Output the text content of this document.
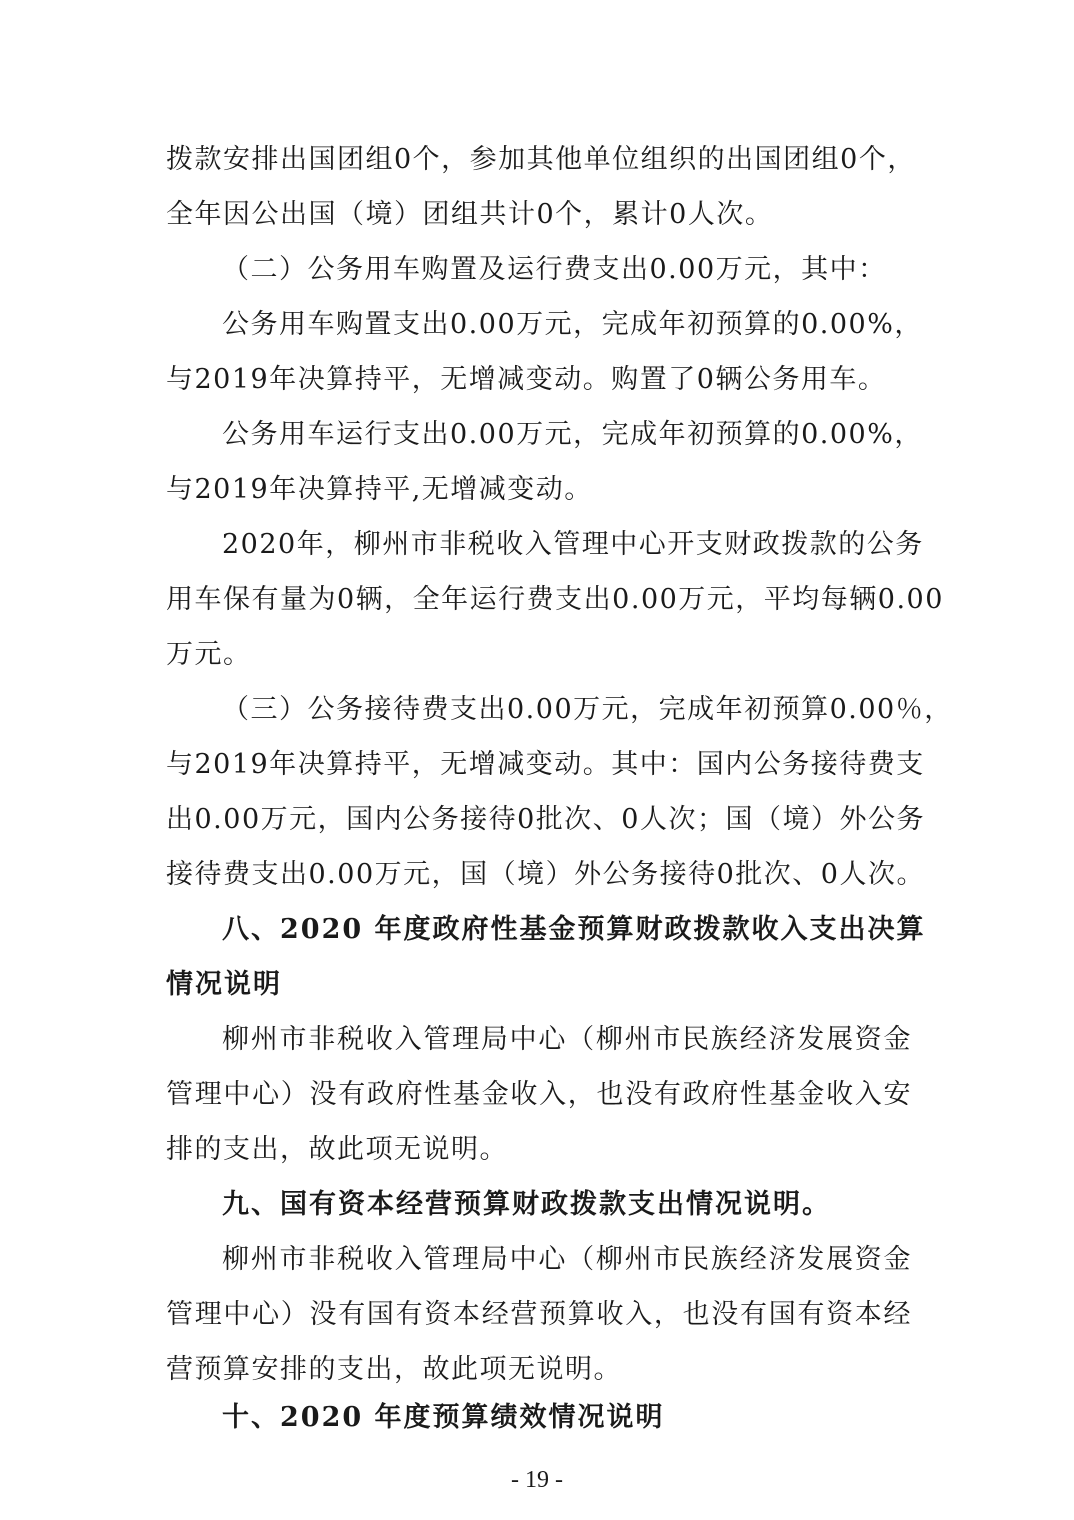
拨款安排出国团组0个，参加其他单位组织的出国团组0个，
全年因公出国（境）团组共计0个，累计0人次。
（二）公务用车购置及运行费支出0.00万元，其中：
公务用车购置支出0.00万元，完成年初预算的0.00%，
与2019年决算持平，无增减变动。购置了0辆公务用车。
公务用车运行支出0.00万元，完成年初预算的0.00%，
与2019年决算持平,无增减变动。
2020年，柳州市非税收入管理中心开支财政拨款的公务
用车保有量为0辆，全年运行费支出0.00万元，平均每辆0.00
万元。
（三）公务接待费支出0.00万元，完成年初预算0.00％，
与2019年决算持平，无增减变动。其中：国内公务接待费支
出0.00万元，国内公务接待0批次、0人次；国（境）外公务
接待费支出0.00万元，国（境）外公务接待0批次、0人次。
八、2020 年度政府性基金预算财政拨款收入支出决算
情况说明
柳州市非税收入管理局中心（柳州市民族经济发展资金
管理中心）没有政府性基金收入，也没有政府性基金收入安
排的支出，故此项无说明。
九、国有资本经营预算财政拨款支出情况说明。
柳州市非税收入管理局中心（柳州市民族经济发展资金
管理中心）没有国有资本经营预算收入，也没有国有资本经
营预算安排的支出，故此项无说明。
十、2020 年度预算绩效情况说明
- 19 -
